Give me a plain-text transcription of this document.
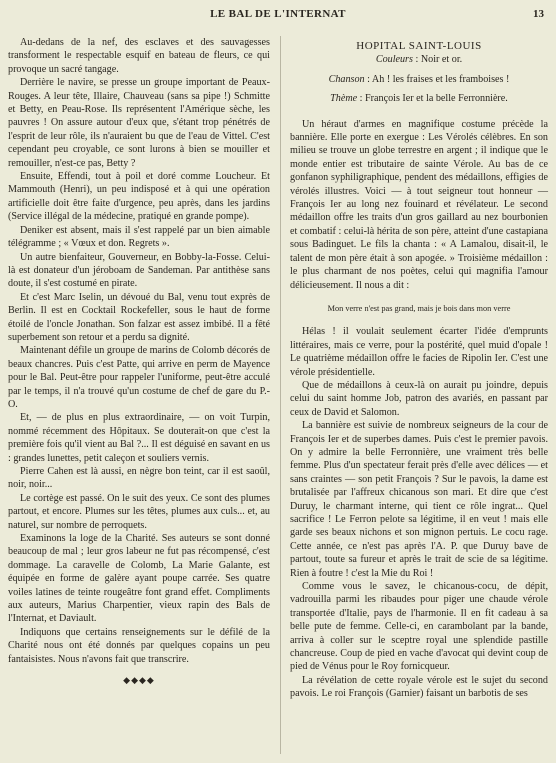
LE BAL DE L'INTERNAT	13

Au-dedans de la nef, des esclaves et des sauvagesses transforment le respectable esquif en bateau de fleurs, ce qui provoque un sacré tangage.

Derrière le navire, se presse un groupe important de Peaux-Rouges. A leur tête, Illaire, Chauveau (sans sa pipe !) Schmitte et Betty, en Peau-Rose. Ils représentent l'Amérique sèche, les pauvres ! On assure autour d'eux que, s'étant trop pénétrés de l'esprit de leur rôle, ils n'auraient bu que de l'eau de Vittel. C'est cependant peu croyable, ce sont lurons à bien se mouiller et remouiller, n'est-ce pas, Betty ?

Ensuite, Effendi, tout à poil et doré comme Loucheur. Et Mammouth (Henri), un peu indisposé et à qui une opération artificielle doit être faite d'urgence, peu après, dans les jardins (Service illégal de la médecine, pratiqué en grande pompe).

Deniker est absent, mais il s'est rappelé par un bien aimable télégramme ; « Vœux et don. Regrets ».

Un autre bienfaiteur, Gouverneur, en Bobby-la-Fosse. Celui-là est donateur d'un jéroboam de Sandeman. Par antithèse sans doute, il s'est costumé en pirate.

Et c'est Marc Iselin, un dévoué du Bal, venu tout exprès de Berlin. Il est en Cocktail Rockefeller, sous le haut de forme étoilé de l'oncle Jonathan. Son falzar est assez imbibé. Il a fêté superbement son retour et a perdu sa dignité.

Maintenant défile un groupe de marins de Colomb décorés de beaux chancres. Puis c'est Patte, qui arrive en perm de Mayence pour le Bal. Peut-être pour rappeler l'uniforme, peut-être acculé par le temps, il n'a trouvé qu'un costume de chef de gare du P.-O.

Et, — de plus en plus extraordinaire, — on voit Turpin, nommé récemment des Hôpitaux. Se douterait-on que c'est la première fois qu'il vient au Bal ?... Il est déguisé en savant en us : grandes lunettes, petit caleçon et souliers vernis.

Pierre Cahen est là aussi, en nègre bon teint, car il est saoûl, noir, noir...

Le cortège est passé. On le suit des yeux. Ce sont des plumes partout, et encore. Plumes sur les têtes, plumes aux culs... et, au naturel, sur nombre de perroquets.

Examinons la loge de la Charité. Ses auteurs se sont donné beaucoup de mal ; leur gros labeur ne fut pas récompensé, c'est dommage. La caravelle de Colomb, La Marie Galante, est équipée en forme de galère ayant poupe carrée. Ses quatre voiles latines de teinte rougeâtre font grand effet. Compliments aux auteurs, Marius Charpentier, vieux rapin des Bals de l'Internat, et Daviault.

Indiquons que certains renseignements sur le défilé de la Charité nous ont été donnés par quelques copains un peu fantaisistes. Nous n'avons fait que transcrire.

◆◆◆◆

HOPITAL SAINT-LOUIS

Couleurs : Noir et or.

Chanson : Ah ! les fraises et les framboises !

Thème : François Ier et la belle Ferronnière.

Un héraut d'armes en magnifique costume précède la bannière. Elle porte en exergue : Les Vérolés célèbres. En son milieu se trouve un globe terrestre en argent ; il indique que le monde entier est tributaire de sainte Vérole. Au bas de ce gonfanon syphiligraphique, pendent des médaillons, effigies de vérolés illustres. Voici — à tout seigneur tout honneur — François Ier au long nez fouinard et révélateur. Le second médaillon offre les traits d'un gros gaillard au nez bourbonien et combatif : celui-là hérita de son père, atteint d'une castapiana sous Badinguet. Le fils la chanta : « A Lamalou, disait-il, le talent de mon père était à son apogée. » Troisième médaillon : le plus charmant de nos poètes, celui qui magnifia l'amour délicieusement. Il nous a dit :

Mon verre n'est pas grand, mais je bois dans mon verre

Hélas ! il voulait seulement écarter l'idée d'emprunts littéraires, mais ce verre, pour la postérité, quel muid d'opale ! Le quatrième médaillon offre le facies de Ripolin Ier. C'est une vérole présidentielle.

Que de médaillons à ceux-là on aurait pu joindre, depuis celui du saint homme Job, patron des avariés, en passant par ceux de David et Salomon.

La bannière est suivie de nombreux seigneurs de la cour de François Ier et de superbes dames. Puis c'est le premier pavois. On y admire la belle Ferronnière, une vraiment très belle femme. Plus d'un spectateur ferait près d'elle avec délices — et sans craintes — son petit François ? Sur le pavois, la dame est brutalisée par l'affreux chicanous son mari. Et dire que c'est Duruy, le charmant interne, qui tient ce rôle ingrat... Quel sacrifice ! Le Ferron pelote sa légitime, il en veut ! mais elle garde ses beaux nichons et son mignon pertuis. Le cocu rage. Cette année, ce n'est pas après l'A. P. que Duruy bave de partout, toute sa fureur et après le trait de scie de sa légitime. Rien à foutre ! c'est la Mie du Roi !

Comme vous le savez, le chicanous-cocu, de dépit, vadrouilla parmi les ribaudes pour piger une chaude vérole transportée d'Italie, pays de l'harmonie. Il en fit cadeau à sa belle pute de femme. Celle-ci, en carambolant par la bande, arriva à coller sur le sceptre royal une splendide pastille chancreuse. Coup de pied en vache d'avocat qui devint coup de pied de Vénus pour le Roy fornicqueur.

La révélation de cette royale vérole est le sujet du second pavois. Le roi François (Garnier) faisant un barbotis de ses
